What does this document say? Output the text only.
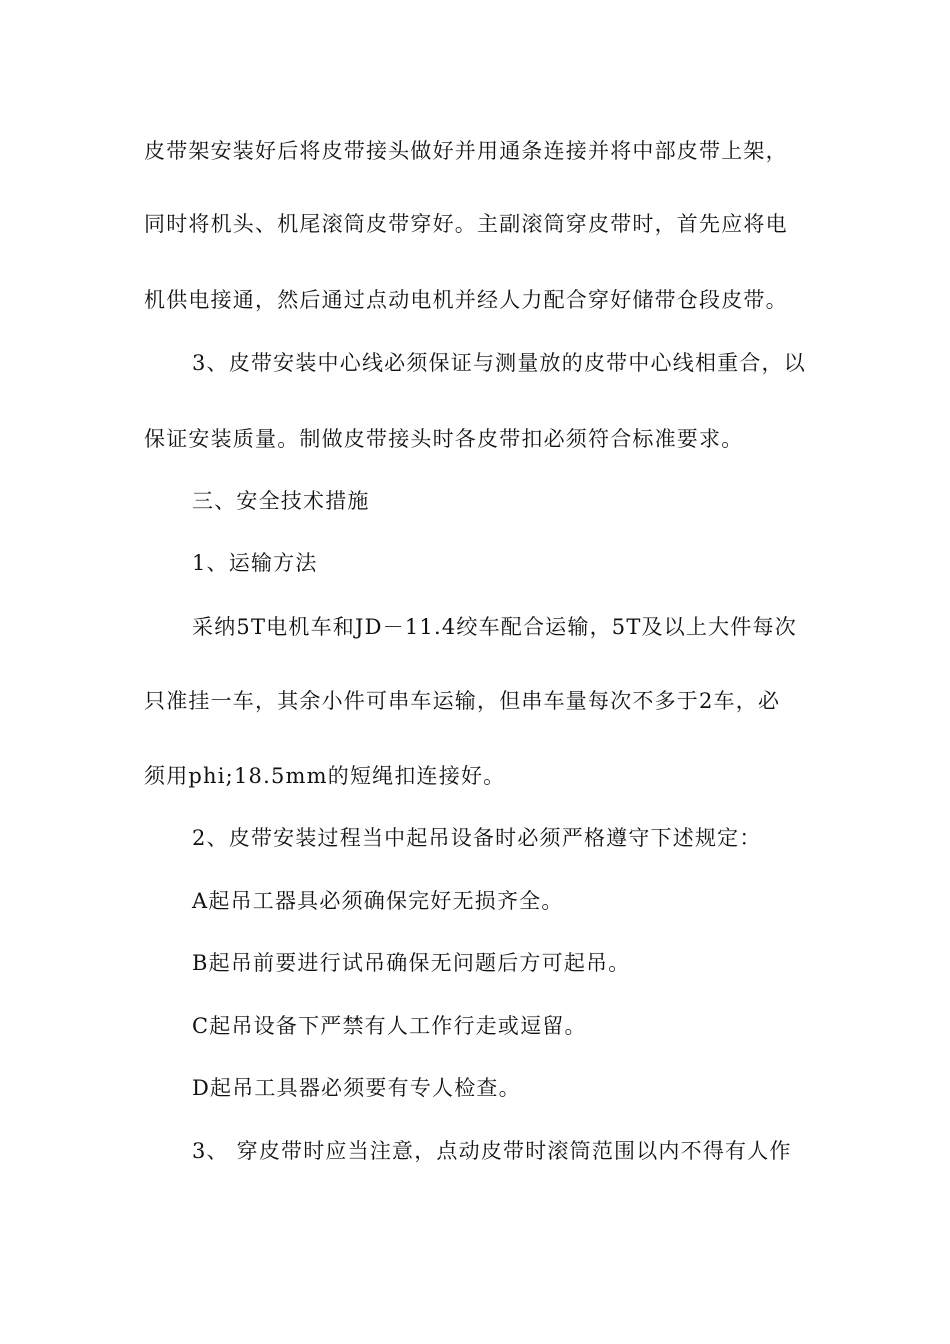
皮带架安装好后将皮带接头做好并用通条连接并将中部皮带上架，
同时将机头、机尾滚筒皮带穿好。主副滚筒穿皮带时，首先应将电
机供电接通，然后通过点动电机并经人力配合穿好储带仓段皮带。
3、皮带安装中心线必须保证与测量放的皮带中心线相重合，以
保证安装质量。制做皮带接头时各皮带扣必须符合标准要求。
三、安全技术措施
1、运输方法
采纳5T电机车和JD－11.4绞车配合运输，5T及以上大件每次
只准挂一车，其余小件可串车运输，但串车量每次不多于2车，必
须用phi;18.5mm的短绳扣连接好。
2、皮带安装过程当中起吊设备时必须严格遵守下述规定：
A起吊工器具必须确保完好无损齐全。
B起吊前要进行试吊确保无问题后方可起吊。
C起吊设备下严禁有人工作行走或逗留。
D起吊工具器必须要有专人检查。
3、 穿皮带时应当注意，点动皮带时滚筒范围以内不得有人作
